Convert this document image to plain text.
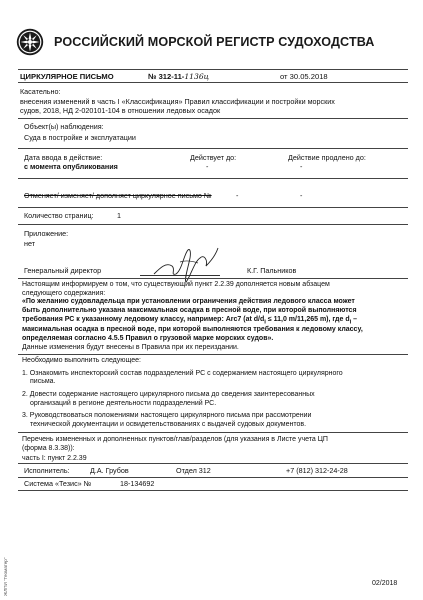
РОССИЙСКИЙ МОРСКОЙ РЕГИСТР СУДОХОДСТВА
ЦИРКУЛЯРНОЕ ПИСЬМО	№ 312-11-1136ц	от 30.05.2018
Касательно:
внесения изменений в часть I «Классификация» Правил классификации и постройки морских
судов, 2018, НД 2-020101-104 в отношении ледовых осадок
Объект(ы) наблюдения:
Суда в постройке и эксплуатации
Дата ввода в действие:
с момента опубликования
Действует до:
-
Действие продлено до:
-
Отменяет/ изменяет/ дополняет циркулярное письмо №	-	-
Количество страниц:	1
Приложение:
нет
Генеральный директор	К.Г. Пальников
Настоящим информируем о том, что существующий пункт 2.2.39 дополняется новым абзацем
следующего содержания:
«По желанию судовладельца при установлении ограничения действия ледового класса может
быть дополнительно указана максимальная осадка в пресной воде, при которой выполняются
требования РС к указанному ледовому классу, например: Arc7 (at $d/d_I \le 11,0$ m/11,265 m), где $d_I$ –
максимальная осадка в пресной воде, при которой выполняются требования к ледовому классу,
определяемая согласно 4.5.5 Правил о грузовой марке морских судов».
Данные изменения будут внесены в Правила при их переиздании.
Необходимо выполнить следующее:
1. Ознакомить инспекторский состав подразделений РС с содержанием настоящего циркулярного
письма.
2. Довести содержание настоящего циркулярного письма до сведения заинтересованных
организаций в регионе деятельности подразделений РС.
3. Руководствоваться положениями настоящего циркулярного письма при рассмотрении
технической документации и освидетельствованиях с выдачей судовых документов.
Перечень измененных и дополненных пунктов/глав/разделов (для указания в Листе учета ЦП
(форма 8.3.38)):
часть I: пункт 2.2.39
Исполнитель:	Д.А. Грубов	Отдел 312	+7 (812) 312-24-28
Система «Тезис» №	18-134692
ЖЛПИ "Геоматер"	02/2018
